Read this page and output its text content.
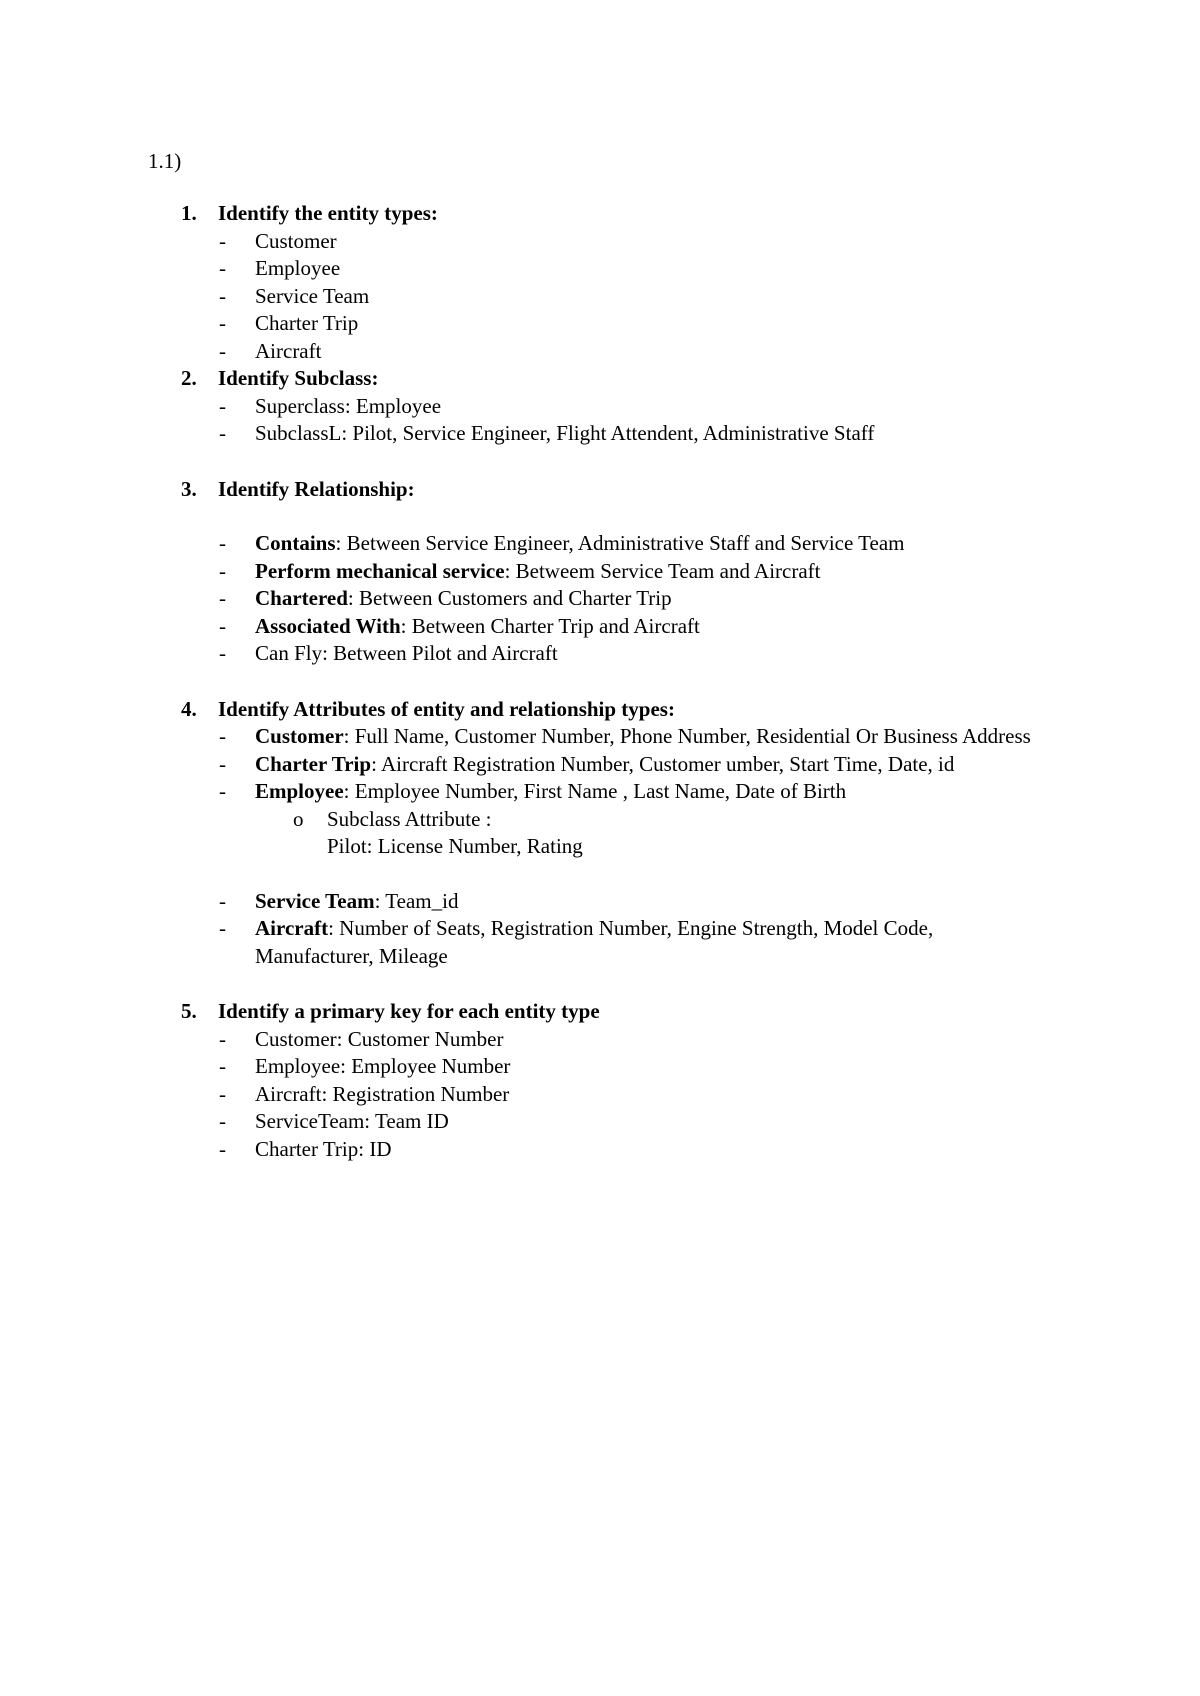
1.1)
1. Identify the entity types:
- Customer
- Employee
- Service Team
- Charter Trip
- Aircraft
2. Identify Subclass:
- Superclass: Employee
- SubclassL: Pilot, Service Engineer, Flight Attendent, Administrative Staff
3. Identify Relationship:
- Contains: Between Service Engineer, Administrative Staff and Service Team
- Perform mechanical service: Betweem Service Team and Aircraft
- Chartered: Between Customers and Charter Trip
- Associated With: Between Charter Trip and Aircraft
- Can Fly: Between Pilot and Aircraft
4. Identify Attributes of entity and relationship types:
- Customer: Full Name, Customer Number, Phone Number, Residential Or Business Address
- Charter Trip: Aircraft Registration Number, Customer umber, Start Time, Date, id
- Employee: Employee Number, First Name , Last Name, Date of Birth
o Subclass Attribute :
Pilot: License Number, Rating
- Service Team: Team_id
- Aircraft: Number of Seats, Registration Number, Engine Strength, Model Code, Manufacturer, Mileage
5. Identify a primary key for each entity type
- Customer: Customer Number
- Employee: Employee Number
- Aircraft: Registration Number
- ServiceTeam: Team ID
- Charter Trip: ID
